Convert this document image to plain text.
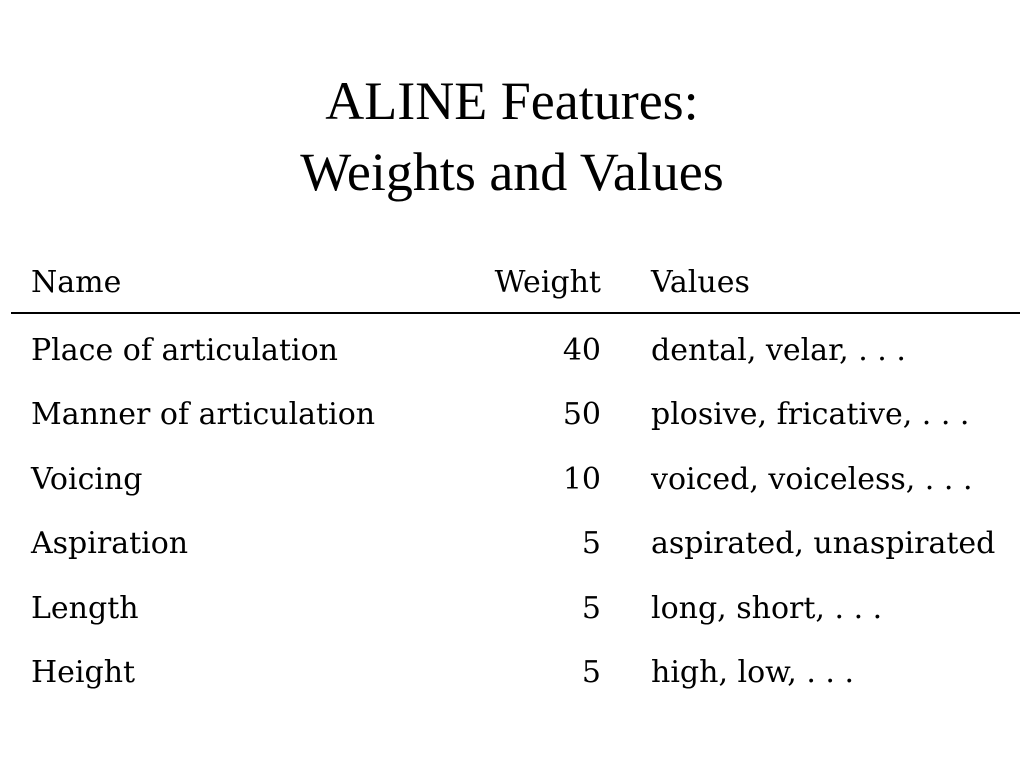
ALINE Features:
Weights and Values
Name	Weight	Values
Place of articulation	40	dental, velar, . . .
Manner of articulation	50	plosive, fricative, . . .
Voicing	10	voiced, voiceless, . . .
Aspiration	5	aspirated, unaspirated
Length	5	long, short, . . .
Height	5	high, low, . . .
